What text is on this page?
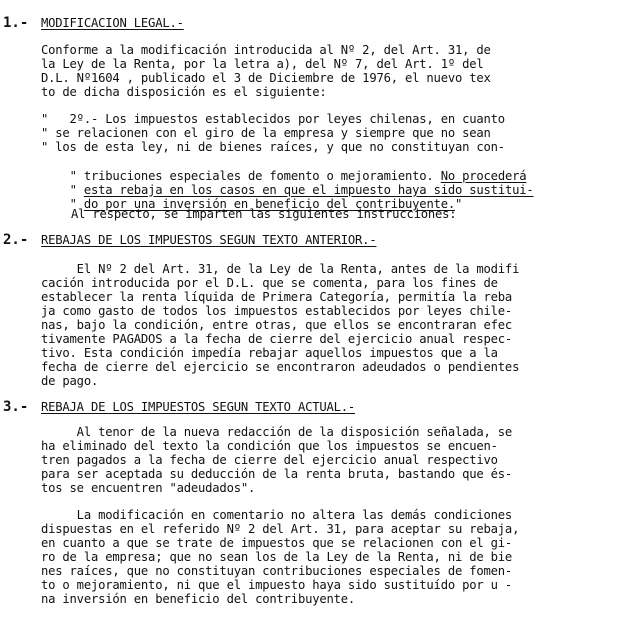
1.- MODIFICACION LEGAL.-
Conforme a la modificación introducida al Nº 2, del Art. 31, de
la Ley de la Renta, por la letra a), del Nº 7, del Art. 1º del
D.L. Nº1604 , publicado el 3 de Diciembre de 1976, el nuevo tex
to de dicha disposición es el siguiente:
"   2º.- Los impuestos establecidos por leyes chilenas, en cuanto
" se relacionen con el giro de la empresa y siempre que no sean
" los de esta ley, ni de bienes raíces, y que no constituyan con-

" tribuciones especiales de fomento o mejoramiento. No procederá

" esta rebaja en los casos en que el impuesto haya sido sustitui-

" do por una inversión en beneficio del contribuyente."

Al respecto, se imparten las siguientes instrucciones:
2.- REBAJAS DE LOS IMPUESTOS SEGUN TEXTO ANTERIOR.-
El Nº 2 del Art. 31, de la Ley de la Renta, antes de la modifi
cación introducida por el D.L. que se comenta, para los fines de
establecer la renta líquida de Primera Categoría, permitía la reba
ja como gasto de todos los impuestos establecidos por leyes chile-
nas, bajo la condición, entre otras, que ellos se encontraran efec
tivamente PAGADOS a la fecha de cierre del ejercicio anual respec-
tivo. Esta condición impedía rebajar aquellos impuestos que a la
fecha de cierre del ejercicio se encontraron adeudados o pendientes
de pago.
3.- REBAJA DE LOS IMPUESTOS SEGUN TEXTO ACTUAL.-
Al tenor de la nueva redacción de la disposición señalada, se
ha eliminado del texto la condición que los impuestos se encuen-
tren pagados a la fecha de cierre del ejercicio anual respectivo
para ser aceptada su deducción de la renta bruta, bastando que és-
tos se encuentren "adeudados".
La modificación en comentario no altera las demás condiciones
dispuestas en el referido Nº 2 del Art. 31, para aceptar su rebaja,
en cuanto a que se trate de impuestos que se relacionen con el gi-
ro de la empresa; que no sean los de la Ley de la Renta, ni de bie
nes raíces, que no constituyan contribuciones especiales de fomen-
to o mejoramiento, ni que el impuesto haya sido sustituído por u -
na inversión en beneficio del contribuyente.
